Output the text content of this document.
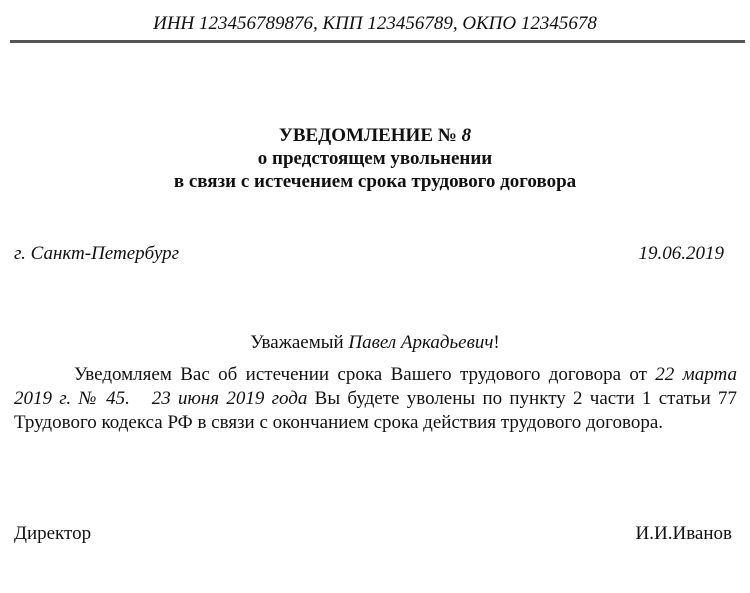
ИНН 123456789876, КПП 123456789, ОКПО 12345678
УВЕДОМЛЕНИЕ № 8
о предстоящем увольнении
в связи с истечением срока трудового договора
г. Санкт-Петербург	19.06.2019
Уважаемый Павел Аркадьевич!

Уведомляем Вас об истечении срока Вашего трудового договора от 22 марта 2019 г. № 45. 23 июня 2019 года Вы будете уволены по пункту 2 части 1 статьи 77 Трудового кодекса РФ в связи с окончанием срока действия трудового договора.

Директор	И.И.Иванов
